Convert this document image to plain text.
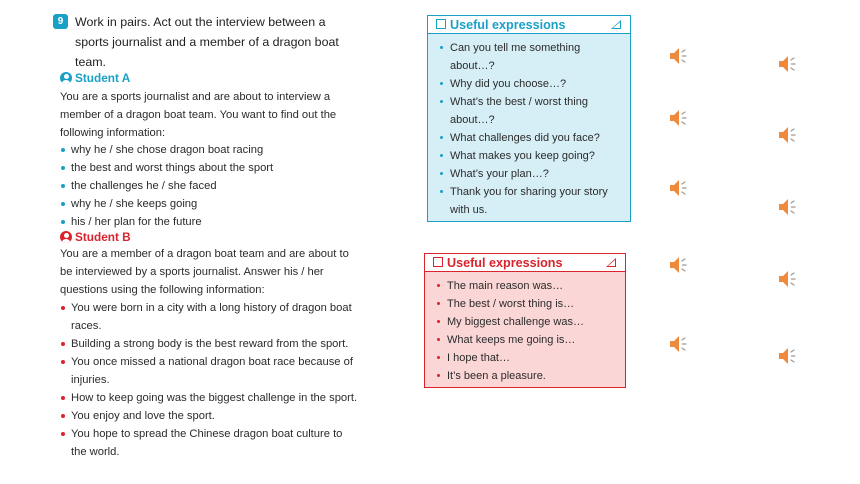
9 Work in pairs. Act out the interview between a sports journalist and a member of a dragon boat team.
Student A
You are a sports journalist and are about to interview a member of a dragon boat team. You want to find out the following information:
why he / she chose dragon boat racing
the best and worst things about the sport
the challenges he / she faced
why he / she keeps going
his / her plan for the future
Student B
You are a member of a dragon boat team and are about to be interviewed by a sports journalist. Answer his / her questions using the following information:
You were born in a city with a long history of dragon boat races.
Building a strong body is the best reward from the sport.
You once missed a national dragon boat race because of injuries.
How to keep going was the biggest challenge in the sport.
You enjoy and love the sport.
You hope to spread the Chinese dragon boat culture to the world.
Useful expressions
Can you tell me something about…?
Why did you choose…?
What’s the best / worst thing about…?
What challenges did you face?
What makes you keep going?
What’s your plan…?
Thank you for sharing your story with us.
Useful expressions
The main reason was…
The best / worst thing is…
My biggest challenge was…
What keeps me going is…
I hope that…
It’s been a pleasure.
